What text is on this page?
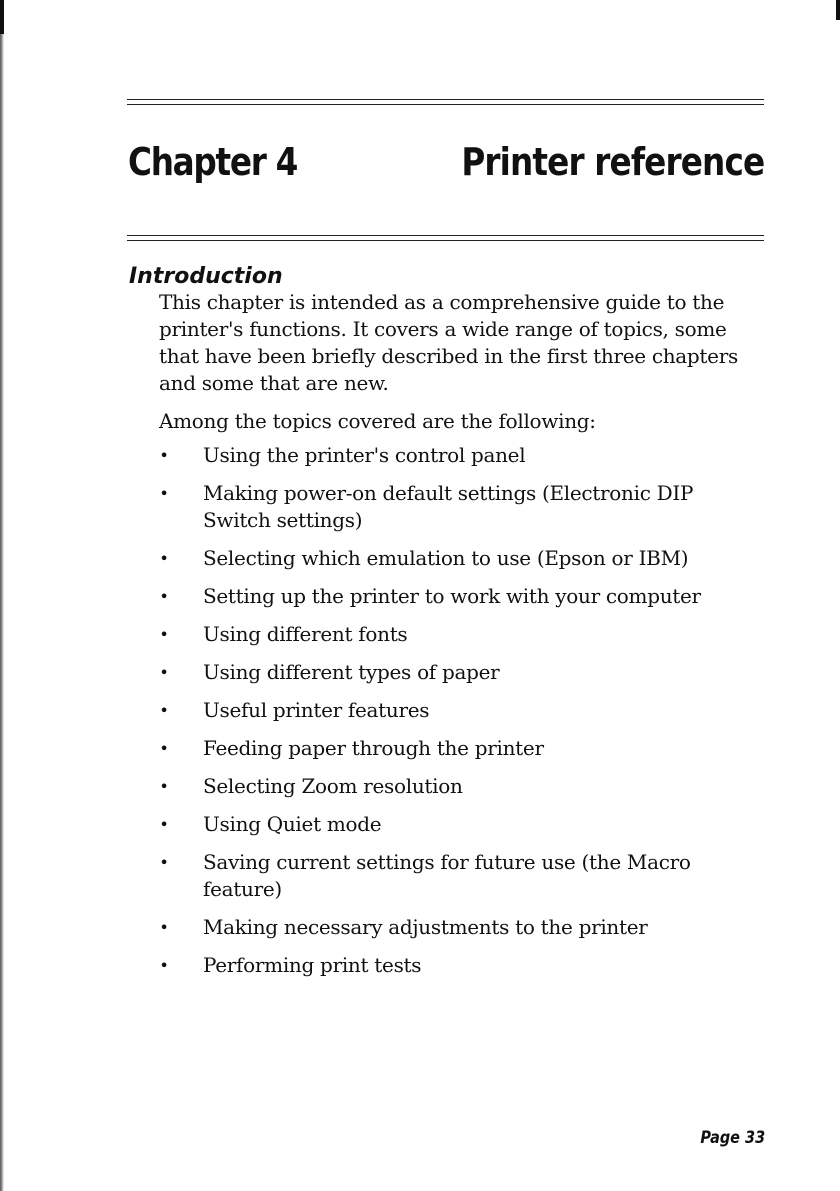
Chapter 4	Printer reference
Introduction

This chapter is intended as a comprehensive guide to the printer's functions. It covers a wide range of topics, some that have been briefly described in the first three chapters and some that are new.

Among the topics covered are the following:

• Using the printer's control panel
• Making power-on default settings (Electronic DIP Switch settings)
• Selecting which emulation to use (Epson or IBM)
• Setting up the printer to work with your computer
• Using different fonts
• Using different types of paper
• Useful printer features
• Feeding paper through the printer
• Selecting Zoom resolution
• Using Quiet mode
• Saving current settings for future use (the Macro feature)
• Making necessary adjustments to the printer
• Performing print tests
Page 33
